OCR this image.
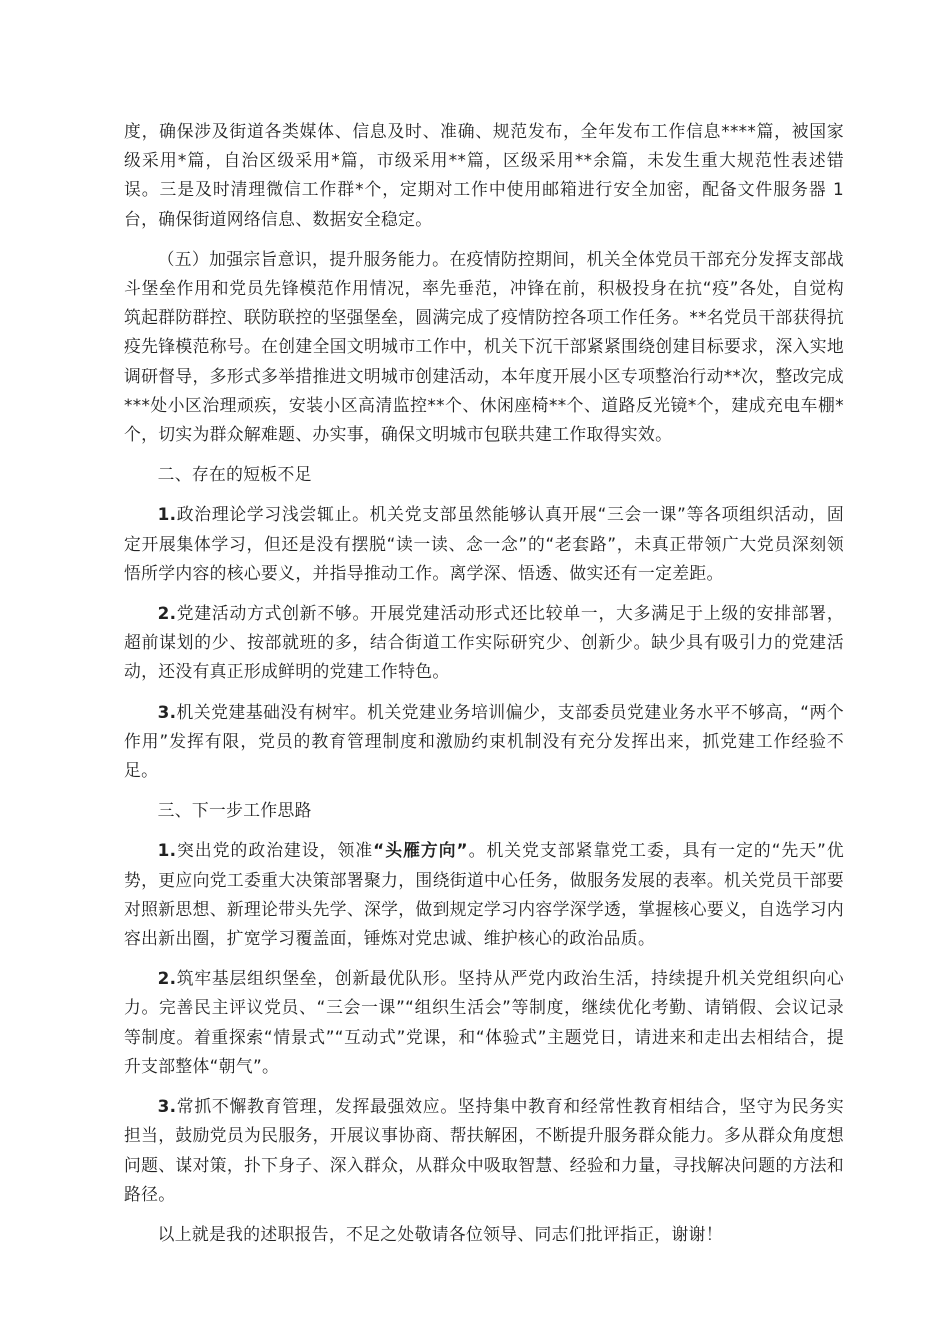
度，确保涉及街道各类媒体、信息及时、准确、规范发布，全年发布工作信息****篇，被国家级采用*篇，自治区级采用*篇，市级采用**篇，区级采用**余篇，未发生重大规范性表述错误。三是及时清理微信工作群*个，定期对工作中使用邮箱进行安全加密，配备文件服务器 1 台，确保街道网络信息、数据安全稳定。

（五）加强宗旨意识，提升服务能力。在疫情防控期间，机关全体党员干部充分发挥支部战斗堡垒作用和党员先锋模范作用情况，率先垂范，冲锋在前，积极投身在抗“疫”各处，自觉构筑起群防群控、联防联控的坚强堡垒，圆满完成了疫情防控各项工作任务。**名党员干部获得抗疫先锋模范称号。在创建全国文明城市工作中，机关下沉干部紧紧围绕创建目标要求，深入实地调研督导，多形式多举措推进文明城市创建活动，本年度开展小区专项整治行动**次，整改完成***处小区治理顽疾，安装小区高清监控**个、休闲座椅**个、道路反光镜*个，建成充电车棚*个，切实为群众解难题、办实事，确保文明城市包联共建工作取得实效。

二、存在的短板不足

1.政治理论学习浅尝辄止。机关党支部虽然能够认真开展“三会一课”等各项组织活动，固定开展集体学习，但还是没有摆脱“读一读、念一念”的“老套路”，未真正带领广大党员深刻领悟所学内容的核心要义，并指导推动工作。离学深、悟透、做实还有一定差距。

2.党建活动方式创新不够。开展党建活动形式还比较单一，大多满足于上级的安排部署，超前谋划的少、按部就班的多，结合街道工作实际研究少、创新少。缺少具有吸引力的党建活动，还没有真正形成鲜明的党建工作特色。

3.机关党建基础没有树牢。机关党建业务培训偏少，支部委员党建业务水平不够高，“两个作用”发挥有限，党员的教育管理制度和激励约束机制没有充分发挥出来，抓党建工作经验不足。

三、下一步工作思路

1.突出党的政治建设，领准“头雁方向”。机关党支部紧靠党工委，具有一定的“先天”优势，更应向党工委重大决策部署聚力，围绕街道中心任务，做服务发展的表率。机关党员干部要对照新思想、新理论带头先学、深学，做到规定学习内容学深学透，掌握核心要义，自选学习内容出新出圈，扩宽学习覆盖面，锤炼对党忠诚、维护核心的政治品质。

2.筑牢基层组织堡垒，创新最优队形。坚持从严党内政治生活，持续提升机关党组织向心力。完善民主评议党员、“三会一课”“组织生活会”等制度，继续优化考勤、请销假、会议记录等制度。着重探索“情景式”“互动式”党课，和“体验式”主题党日，请进来和走出去相结合，提升支部整体“朝气”。

3.常抓不懈教育管理，发挥最强效应。坚持集中教育和经常性教育相结合，坚守为民务实担当，鼓励党员为民服务，开展议事协商、帮扶解困，不断提升服务群众能力。多从群众角度想问题、谋对策，扑下身子、深入群众，从群众中吸取智慧、经验和力量，寻找解决问题的方法和路径。

以上就是我的述职报告，不足之处敬请各位领导、同志们批评指正，谢谢！
